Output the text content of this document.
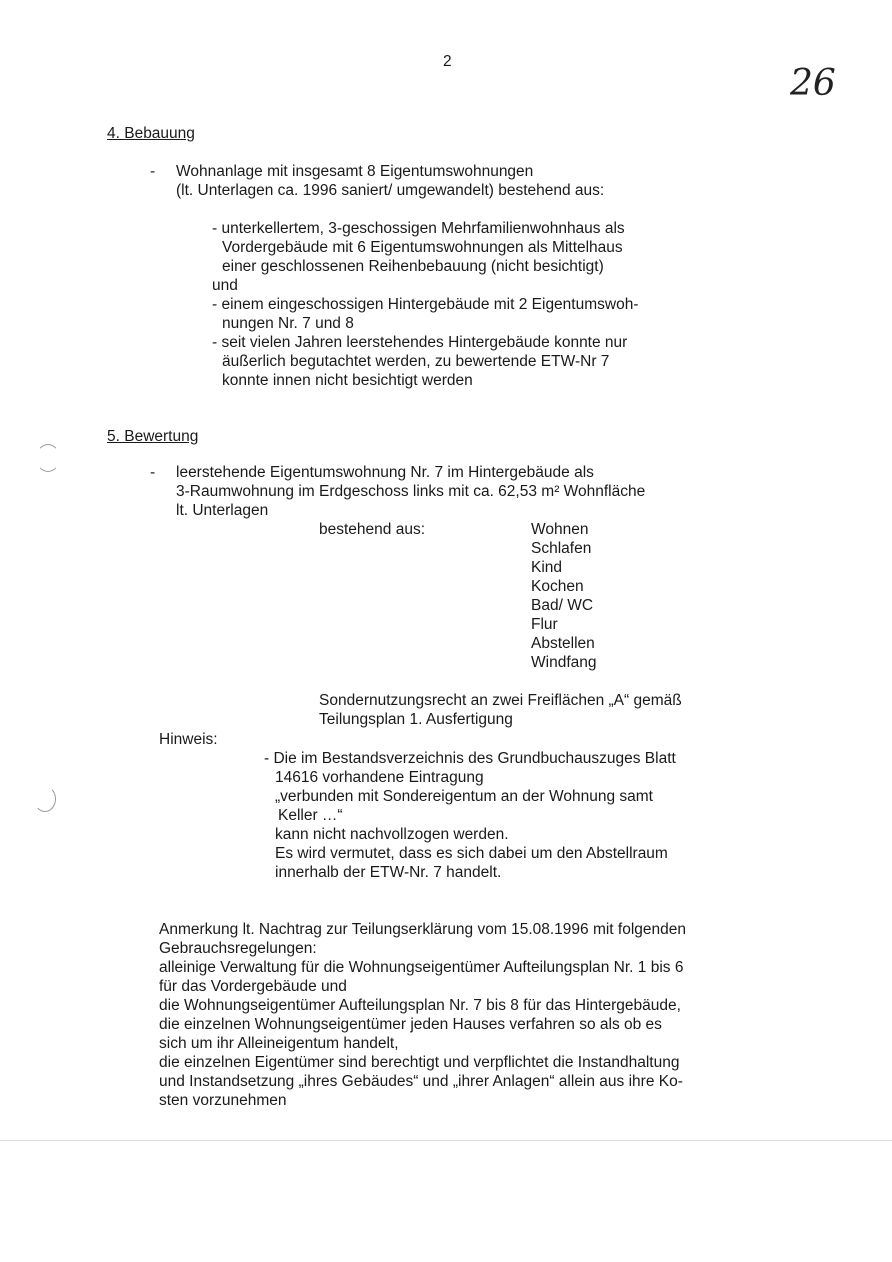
2
26
4. Bebauung
- Wohnanlage mit insgesamt 8 Eigentumswohnungen
(lt. Unterlagen ca. 1996 saniert/ umgewandelt) bestehend aus:
- unterkellertem, 3-geschossigen Mehrfamilienwohnhaus als
Vordergebäude mit 6 Eigentumswohnungen als Mittelhaus
einer geschlossenen Reihenbebauung (nicht besichtigt)
und
- einem eingeschossigen Hintergebäude mit 2 Eigentumswoh-
nungen Nr. 7 und 8
- seit vielen Jahren leerstehendes Hintergebäude konnte nur
äußerlich begutachtet werden, zu bewertende ETW-Nr 7
konnte innen nicht besichtigt werden
5. Bewertung
- leerstehende Eigentumswohnung Nr. 7 im Hintergebäude als
3-Raumwohnung im Erdgeschoss links mit ca. 62,53 m² Wohnfläche
lt. Unterlagen
bestehend aus:	Wohnen
Schlafen
Kind
Kochen
Bad/ WC
Flur
Abstellen
Windfang
Sondernutzungsrecht an zwei Freiflächen „A“ gemäß
Teilungsplan 1. Ausfertigung
Hinweis:
- Die im Bestandsverzeichnis des Grundbuchauszuges Blatt
14616 vorhandene Eintragung
„verbunden mit Sondereigentum an der Wohnung samt
Keller …“
kann nicht nachvollzogen werden.
Es wird vermutet, dass es sich dabei um den Abstellraum
innerhalb der ETW-Nr. 7 handelt.
Anmerkung lt. Nachtrag zur Teilungserklärung vom 15.08.1996 mit folgenden
Gebrauchsregelungen:
alleinige Verwaltung für die Wohnungseigentümer Aufteilungsplan Nr. 1 bis 6
für das Vordergebäude und
die Wohnungseigentümer Aufteilungsplan Nr. 7 bis 8 für das Hintergebäude,
die einzelnen Wohnungseigentümer jeden Hauses verfahren so als ob es
sich um ihr Alleineigentum handelt,
die einzelnen Eigentümer sind berechtigt und verpflichtet die Instandhaltung
und Instandsetzung „ihres Gebäudes“ und „ihrer Anlagen“ allein aus ihre Ko-
sten vorzunehmen
